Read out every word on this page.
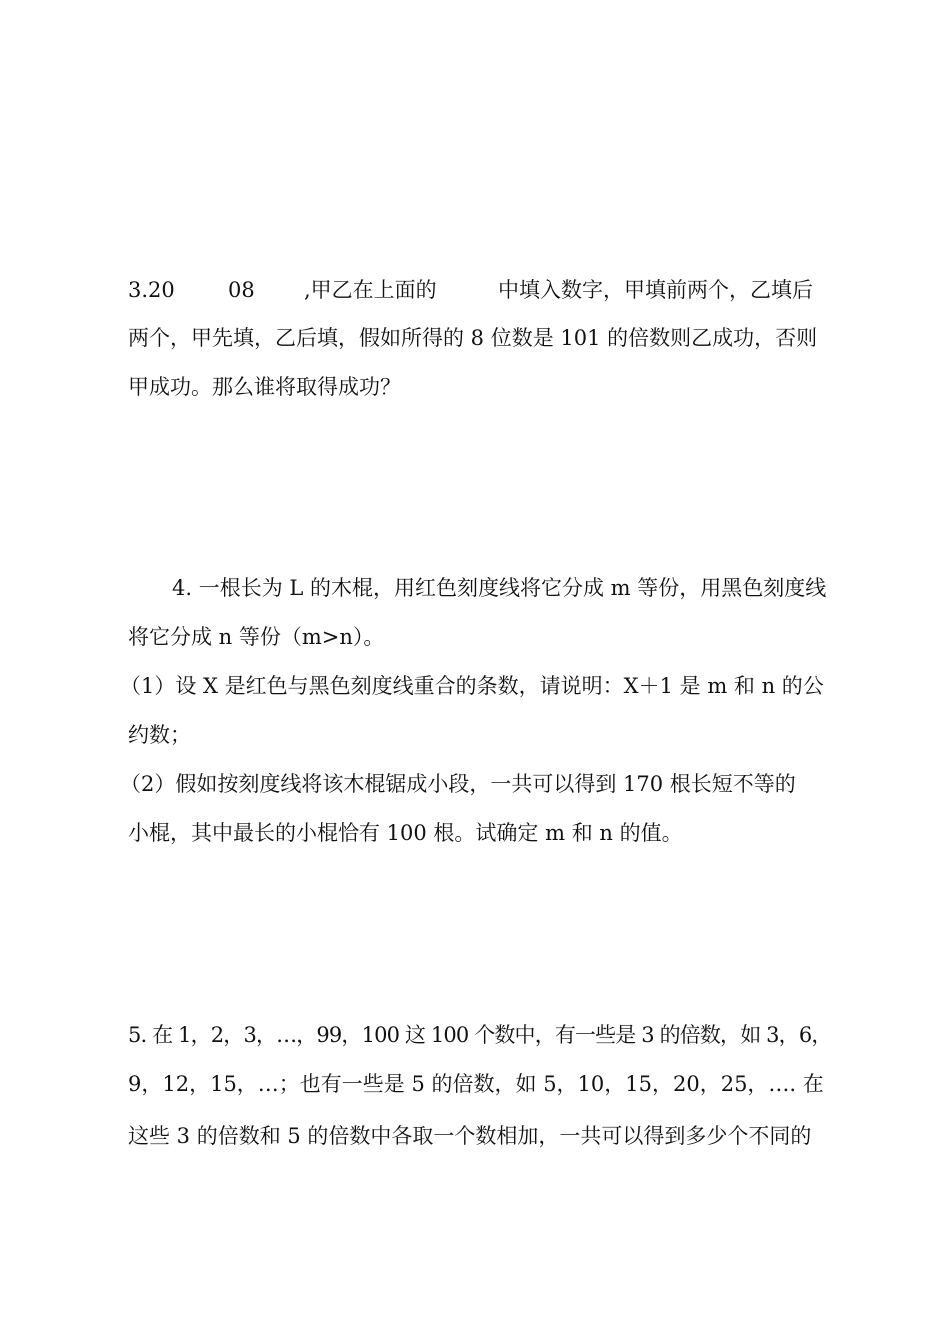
3.20	08 ,甲乙在上面的	中填入数字，甲填前两个，乙填后
两个，甲先填，乙后填，假如所得的 8 位数是 101 的倍数则乙成功，否则
甲成功。那么谁将取得成功？
4. 一根长为 L 的木棍，用红色刻度线将它分成 m 等份，用黑色刻度线
将它分成 n 等份（m>n）。
（1）设 X 是红色与黑色刻度线重合的条数，请说明：X＋1 是 m 和 n 的公
约数；
（2）假如按刻度线将该木棍锯成小段，一共可以得到 170 根长短不等的
小棍，其中最长的小棍恰有 100 根。试确定 m 和 n 的值。
5. 在 1，2，3，…，99，100 这 100 个数中，有一些是 3 的倍数，如 3，6，
9，12，15，…；也有一些是 5 的倍数，如 5，10，15，20，25，…. 在
这些 3 的倍数和 5 的倍数中各取一个数相加，一共可以得到多少个不同的
